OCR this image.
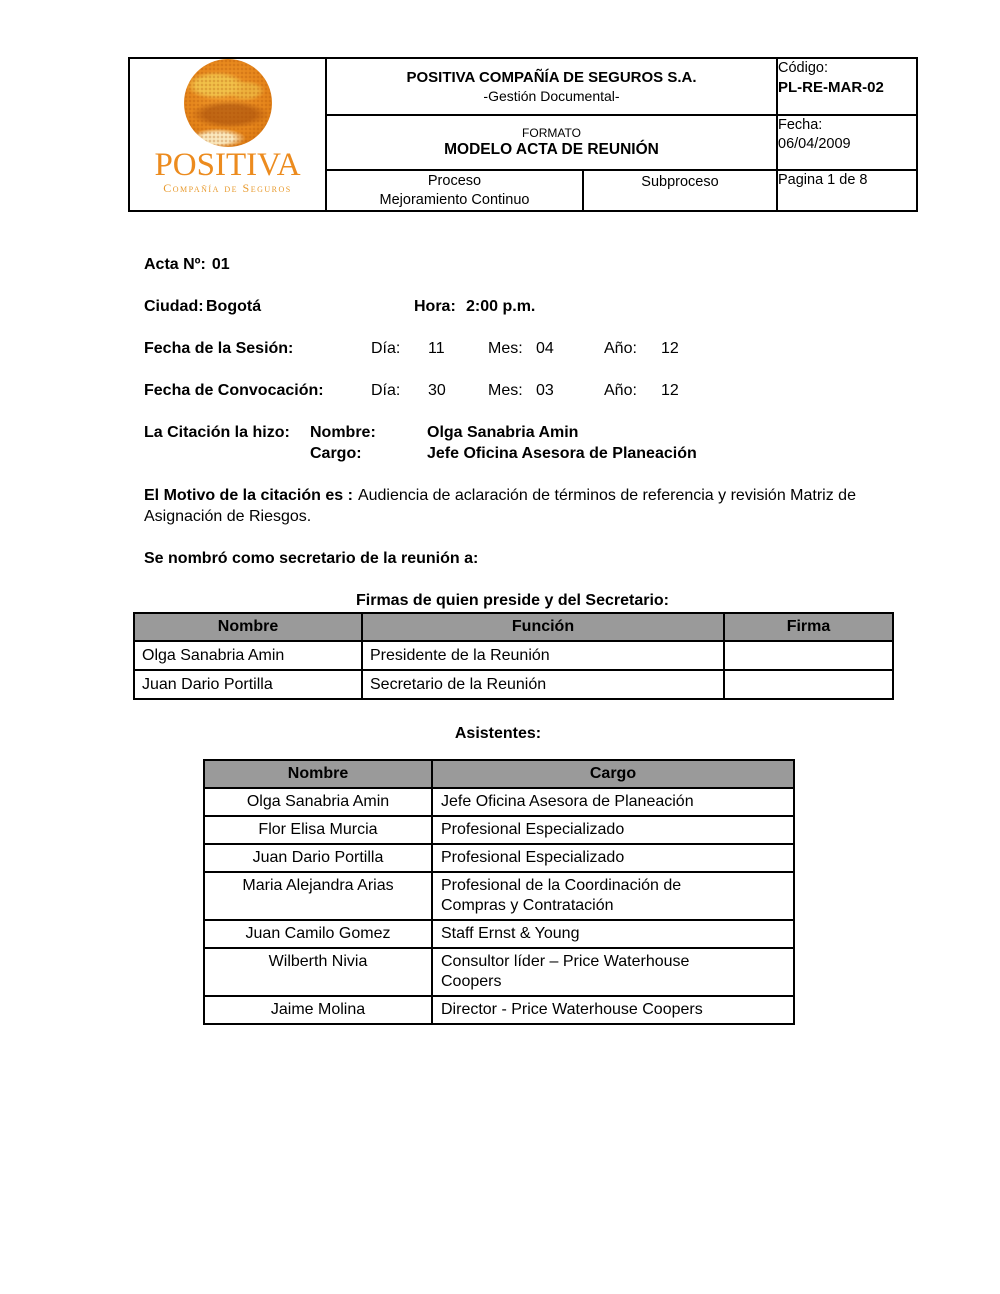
POSITIVA
Compañía de Seguros

POSITIVA COMPAÑÍA DE SEGUROS S.A.
-Gestión Documental-

Código:
PL-RE-MAR-02

FORMATO
MODELO ACTA DE REUNIÓN

Fecha:
06/04/2009

	Proceso
Mejoramiento Continuo
Subproceso	Pagina 1 de 8
Acta Nº: 01
Ciudad: Bogotá	Hora: 2:00 p.m.
Fecha de la Sesión:	Día: 11	Mes: 04	Año: 12
Fecha de Convocación:	Día: 30	Mes: 03	Año: 12
La Citación la hizo:	Nombre:	Olga Sanabria Amin
Cargo:	Jefe Oficina Asesora de Planeación
El Motivo de la citación es : Audiencia de aclaración de términos de referencia y revisión Matriz de Asignación de Riesgos.
Se nombró como secretario de la reunión a:
Firmas de quien preside y del Secretario:
Nombre	Función	Firma
Olga Sanabria Amin	Presidente de la Reunión	
Juan Dario Portilla	Secretario de la Reunión	
Asistentes:
Nombre	Cargo
Olga Sanabria Amin	Jefe Oficina Asesora de Planeación
Flor Elisa Murcia	Profesional Especializado
Juan Dario Portilla	Profesional Especializado
Maria Alejandra Arias	Profesional de la Coordinación de Compras y Contratación
Juan Camilo Gomez	Staff Ernst & Young
Wilberth Nivia	Consultor líder – Price Waterhouse Coopers
Jaime Molina	Director - Price Waterhouse Coopers
